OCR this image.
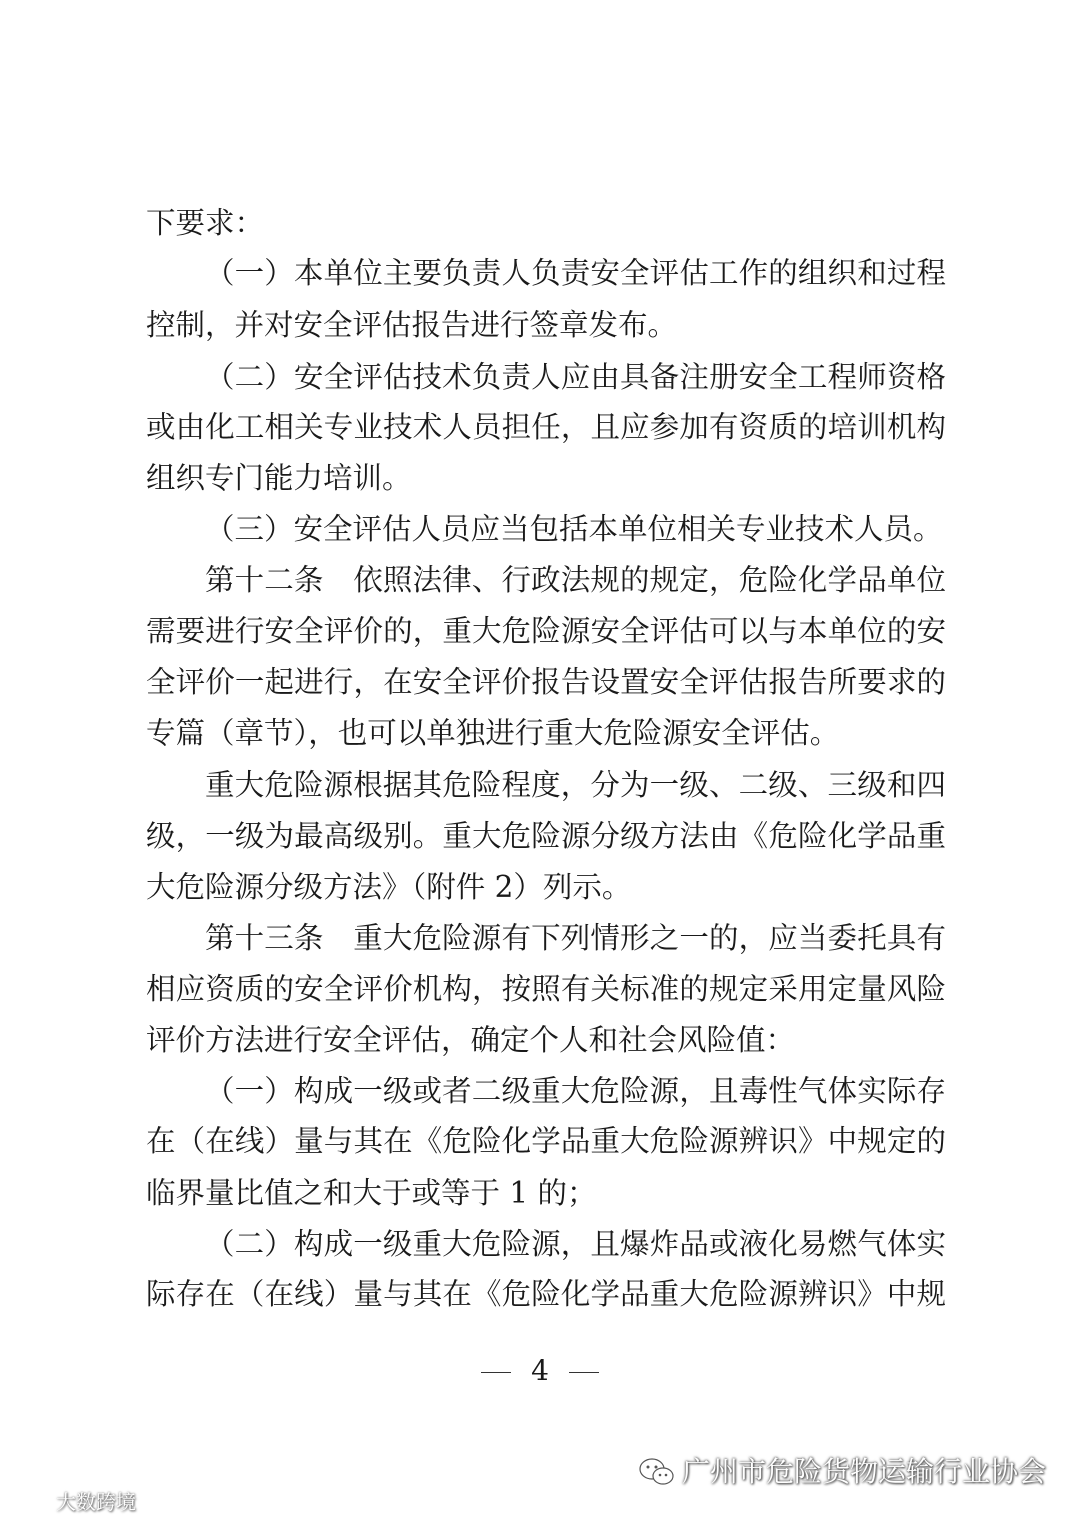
下要求：
（一）本单位主要负责人负责安全评估工作的组织和过程
控制，并对安全评估报告进行签章发布。
（二）安全评估技术负责人应由具备注册安全工程师资格
或由化工相关专业技术人员担任，且应参加有资质的培训机构
组织专门能力培训。
（三）安全评估人员应当包括本单位相关专业技术人员。
第十二条　依照法律、行政法规的规定，危险化学品单位
需要进行安全评价的，重大危险源安全评估可以与本单位的安
全评价一起进行，在安全评价报告设置安全评估报告所要求的
专篇（章节），也可以单独进行重大危险源安全评估。
重大危险源根据其危险程度，分为一级、二级、三级和四
级，一级为最高级别。重大危险源分级方法由《危险化学品重
大危险源分级方法》（附件 2）列示。
第十三条　重大危险源有下列情形之一的，应当委托具有
相应资质的安全评价机构，按照有关标准的规定采用定量风险
评价方法进行安全评估，确定个人和社会风险值：
（一）构成一级或者二级重大危险源，且毒性气体实际存
在（在线）量与其在《危险化学品重大危险源辨识》中规定的
临界量比值之和大于或等于 1 的；
（二）构成一级重大危险源，且爆炸品或液化易燃气体实
际存在（在线）量与其在《危险化学品重大危险源辨识》中规
4
广州市危险货物运输行业协会
大数跨境
